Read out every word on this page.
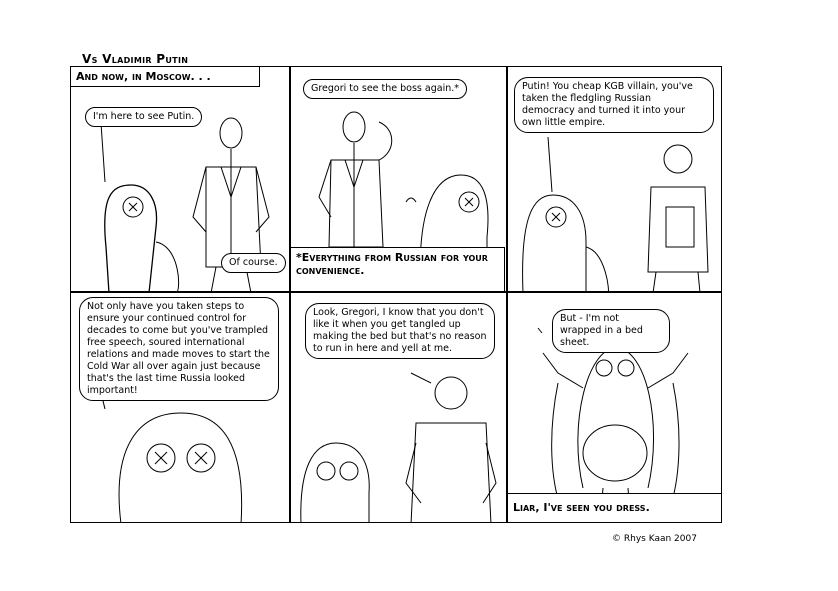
Vs Vladimir Putin
And now, in Moscow. . .
I'm here to see Putin.
Of course.
Gregori to see the boss again.*
*Everything from Russian for your convenience.
Putin! You cheap KGB villain, you've taken the fledgling Russian democracy and turned it into your own little empire.
Not only have you taken steps to ensure your continued control for decades to come but you've trampled free speech, soured international relations and made moves to start the Cold War all over again just because that's the last time Russia looked important!
Look, Gregori, I know that you don't like it when you get tangled up making the bed but that's no reason to run in here and yell at me.
But - I'm not wrapped in a bed sheet.
Liar, I've seen you dress.
© Rhys Kaan 2007
